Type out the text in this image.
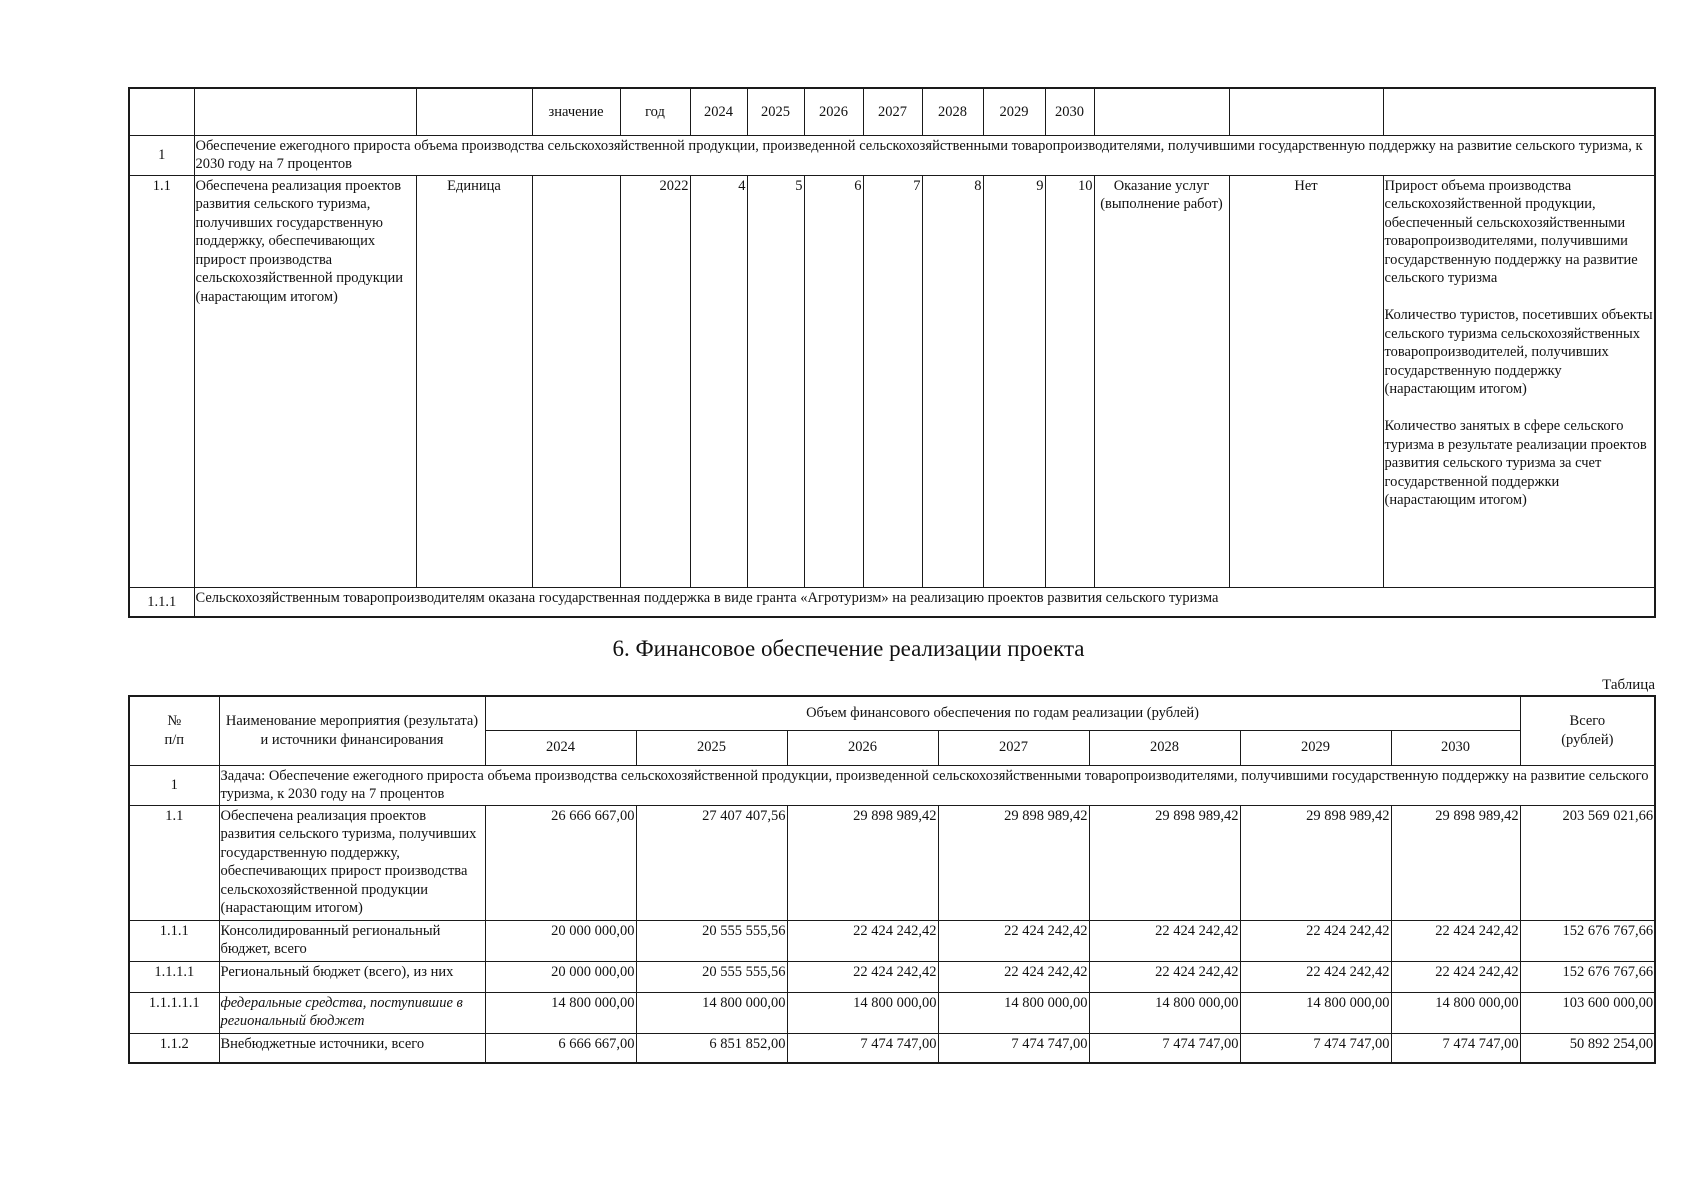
			значение	год	2024	2025	2026	2027	2028	2029	2030			
1	Обеспечение ежегодного прироста объема производства сельскохозяйственной продукции, произведенной сельскохозяйственными товаропроизводителями, получившими государственную поддержку на развитие сельского туризма, к 2030 году на 7 процентов													
1.1	Обеспечена реализация проектов развития сельского туризма, получивших государственную поддержку, обеспечивающих прирост производства сельскохозяйственной продукции (нарастающим итогом)	Единица		2022	4	5	6	7	8	9	10	Оказание услуг (выполнение работ)	Нет	Прирост объема производства сельскохозяйственной продукции, обеспеченный сельскохозяйственными товаропроизводителями, получившими государственную поддержку на развитие сельского туризма

Количество туристов, посетивших объекты сельского туризма сельскохозяйственных товаропроизводителей, получивших государственную поддержку (нарастающим итогом)

Количество занятых в сфере сельского туризма в результате реализации проектов развития сельского туризма за счет государственной поддержки (нарастающим итогом)
1.1.1	Сельскохозяйственным товаропроизводителям оказана государственная поддержка в виде гранта «Агротуризм» на реализацию проектов развития сельского туризма													
6. Финансовое обеспечение реализации проекта
Таблица
№
п/п	Наименование мероприятия (результата) и источники финансирования	Объем финансового обеспечения по годам реализации (рублей)							Всего
(рублей)
		2024	2025	2026	2027	2028	2029	2030	
1	Задача: Обеспечение ежегодного прироста объема производства сельскохозяйственной продукции, произведенной сельскохозяйственными товаропроизводителями, получившими государственную поддержку на развитие сельского туризма, к 2030 году на 7 процентов								
1.1	Обеспечена реализация проектов развития сельского туризма, получивших государственную поддержку, обеспечивающих прирост производства сельскохозяйственной продукции (нарастающим итогом)	26 666 667,00	27 407 407,56	29 898 989,42	29 898 989,42	29 898 989,42	29 898 989,42	29 898 989,42	203 569 021,66
1.1.1	Консолидированный региональный бюджет, всего	20 000 000,00	20 555 555,56	22 424 242,42	22 424 242,42	22 424 242,42	22 424 242,42	22 424 242,42	152 676 767,66
1.1.1.1	Региональный бюджет (всего), из них	20 000 000,00	20 555 555,56	22 424 242,42	22 424 242,42	22 424 242,42	22 424 242,42	22 424 242,42	152 676 767,66
1.1.1.1.1	федеральные средства, поступившие в региональный бюджет	14 800 000,00	14 800 000,00	14 800 000,00	14 800 000,00	14 800 000,00	14 800 000,00	14 800 000,00	103 600 000,00
1.1.2	Внебюджетные источники, всего	6 666 667,00	6 851 852,00	7 474 747,00	7 474 747,00	7 474 747,00	7 474 747,00	7 474 747,00	50 892 254,00
